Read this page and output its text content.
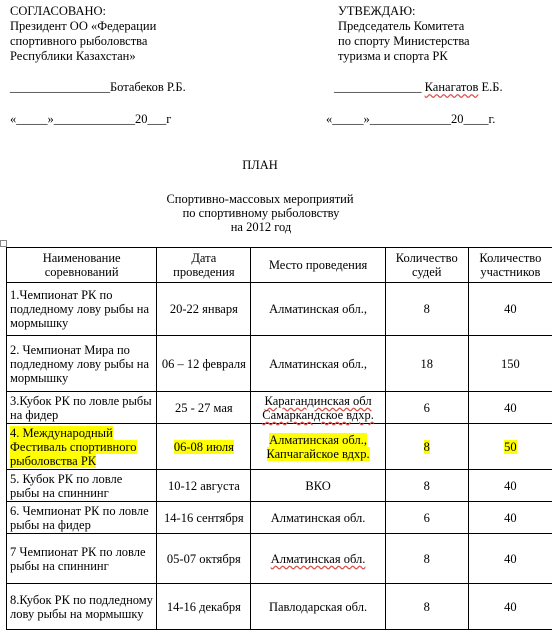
СОГЛАСОВАНО:
Президент ОО «Федерации
спортивного рыболовства
Республики Казахстан»
УТВЕЖДАЮ:
Председатель Комитета
по спорту Министерства
туризма и спорта РК
________________Ботабеков Р.Б.	______________ Канагатов Е.Б.
«_____»_____________20___г	«_____»_____________20____г.
ПЛАН
Спортивно-массовых мероприятий
по спортивному рыболовству
на 2012 год
Наименование соревнований	Дата проведения	Место проведения	Количество судей	Количество участников
1.Чемпионат РК по подледному лову рыбы на мормышку	20-22 января	Алматинская обл.,	8	40
2. Чемпионат Мира по подледному лову рыбы на мормышку	06 – 12 февраля	Алматинская обл.,	18	150
3.Кубок РК по ловле рыбы на фидер	25 - 27 мая	Карагандинская обл Самаркандское вдхр.	6	40
4. Международный Фестиваль спортивного рыболовства РК	06-08 июля	Алматинская обл., Капчагайское вдхр.	8	50
5. Кубок РК по ловле рыбы на спиннинг	10-12 августа	ВКО	8	40
6. Чемпионат РК по ловле рыбы на фидер	14-16 сентября	Алматинская обл.	6	40
7 Чемпионат РК по ловле рыбы на спиннинг	05-07 октября	Алматинская обл.	8	40
8.Кубок РК по подледному лову рыбы на мормышку	14-16 декабря	Павлодарская обл.	8	40
